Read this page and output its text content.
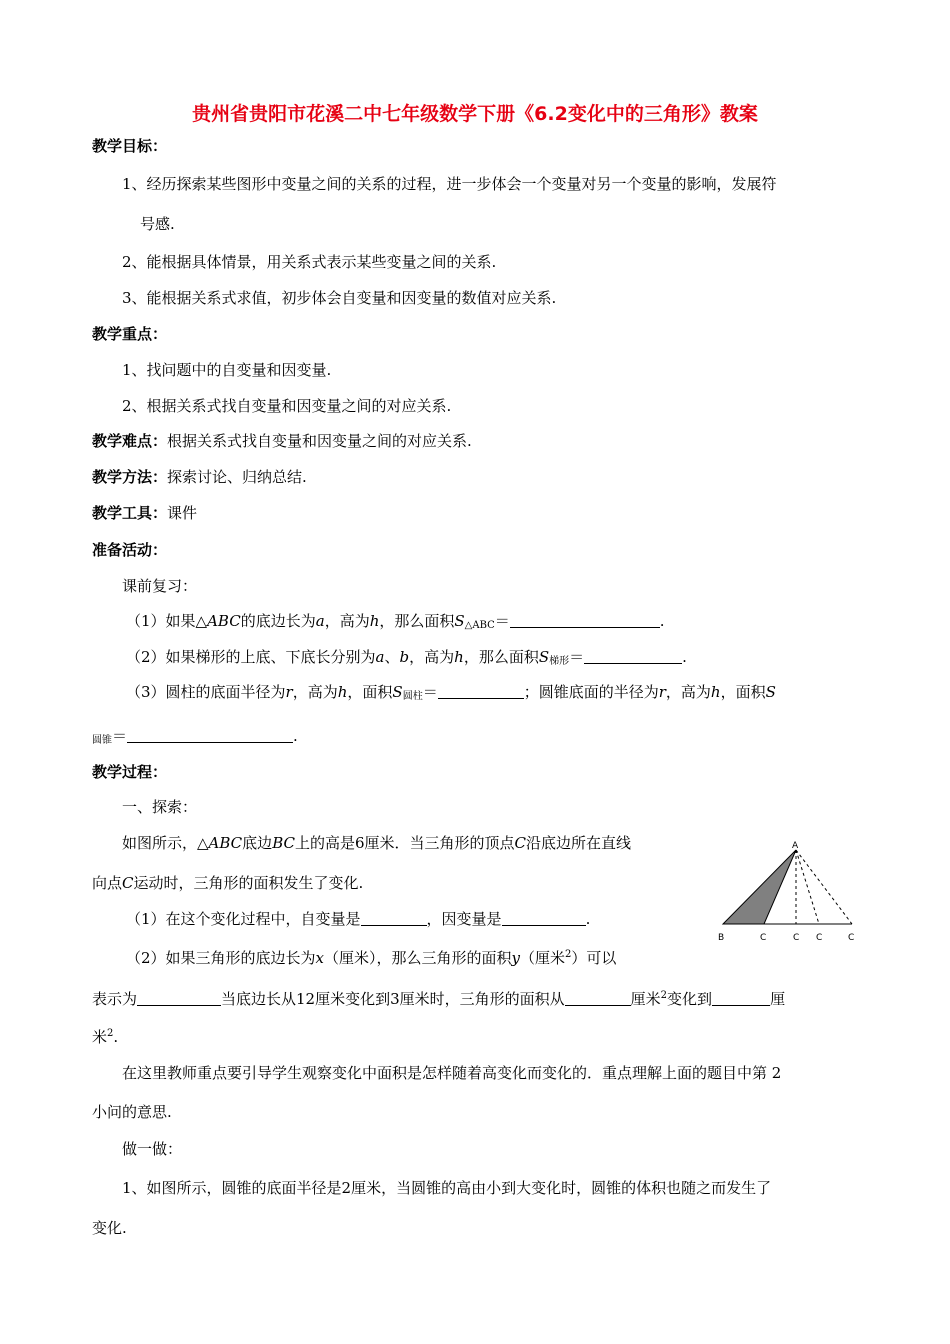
贵州省贵阳市花溪二中七年级数学下册《6.2变化中的三角形》教案
教学目标：
1、经历探索某些图形中变量之间的关系的过程，进一步体会一个变量对另一个变量的影响，发展符
号感.
2、能根据具体情景，用关系式表示某些变量之间的关系.
3、能根据关系式求值，初步体会自变量和因变量的数值对应关系.
教学重点：
1、找问题中的自变量和因变量.
2、根据关系式找自变量和因变量之间的对应关系.
教学难点：根据关系式找自变量和因变量之间的对应关系.
教学方法：探索讨论、归纳总结.
教学工具：课件
准备活动：
课前复习：
（1）如果△ABC的底边长为a，高为h，那么面积$S_{\triangle ABC}=$	.
（2）如果梯形的上底、下底长分别为a、b，高为h，那么面积$S_{梯形}=$	.
（3）圆柱的底面半径为r，高为h，面积$S_{圆柱}=$	；圆锥底面的半径为r，高为h，面积S
$_{圆锥}$＝	.
教学过程：
一、探索：
如图所示，△ABC底边BC上的高是6厘米．当三角形的顶点C沿底边所在直线
向点C运动时，三角形的面积发生了变化.
（1）在这个变化过程中，自变量是	，因变量是	.
（2）如果三角形的底边长为x（厘米），那么三角形的面积y（厘米$^2$）可以
表示为	当底边长从12厘米变化到3厘米时，三角形的面积从	厘米$^2$变化到	厘
米$^2$.
在这里教师重点要引导学生观察变化中面积是怎样随着高变化而变化的．重点理解上面的题目中第 2
小问的意思.
做一做：
1、如图所示，圆锥的底面半径是2厘米，当圆锥的高由小到大变化时，圆锥的体积也随之而发生了
变化.
A
B	C	C C	C
